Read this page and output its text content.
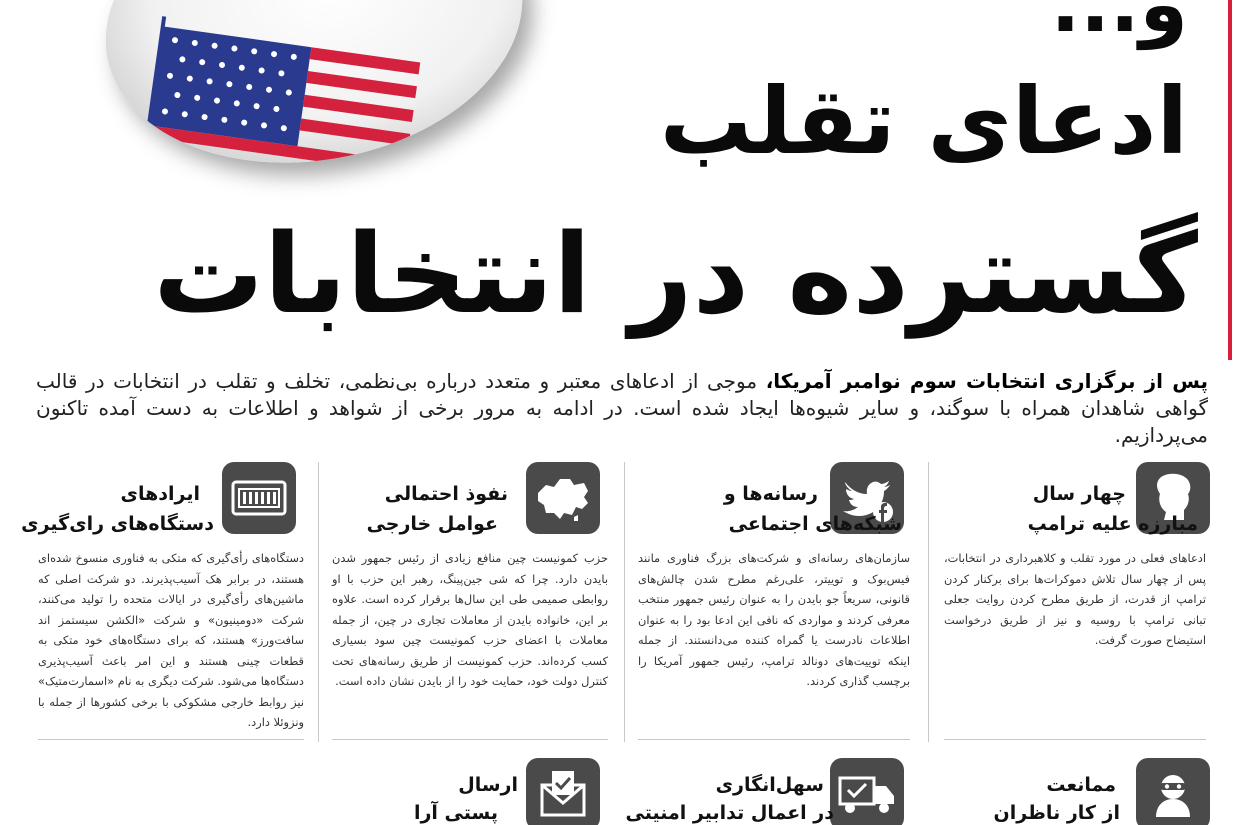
و...
ادعای تقلب
گسترده در انتخابات

پس از برگزاری انتخابات سوم نوامبر آمریکا، موجی از ادعاهای معتبر و متعدد درباره بی‌نظمی، تخلف و تقلب در انتخابات در قالب گواهی شاهدان همراه با سوگند، و سایر شیوه‌ها ایجاد شده است. در ادامه به مرور برخی از شواهد و اطلاعات به دست آمده تاکنون می‌پردازیم.

چهار سال
مبارزه علیه ترامپ
ادعاهای فعلی در مورد تقلب و کلاهبرداری در انتخابات، پس از چهار سال تلاش دموکرات‌ها برای برکنار کردن ترامپ از قدرت، از طریق مطرح کردن روایت جعلی تبانی ترامپ با روسیه و نیز از طریق درخواست استیضاح صورت گرفت.
رسانه‌ها و
شبکه‌های اجتماعی
سازمان‌های رسانه‌ای و شرکت‌های بزرگ فناوری مانند فیس‌بوک و توییتر، علی‌رغم مطرح شدن چالش‌های قانونی، سریعاً جو بایدن را به عنوان رئیس جمهور منتخب معرفی کردند و مواردی که نافی این ادعا بود را به عنوان اطلاعات نادرست یا گمراه کننده می‌دانستند. از جمله اینکه توییت‌های دونالد ترامپ، رئیس جمهور آمریکا را برچسب گذاری کردند.
نفوذ احتمالی
عوامل خارجی
حزب کمونیست چین منافع زیادی از رئیس جمهور شدن بایدن دارد. چرا که شی جین‌پینگ، رهبر این حزب با او روابطی صمیمی طی این سال‌ها برقرار کرده است. علاوه بر این، خانواده بایدن از معاملات تجاری در چین، از جمله معاملات با اعضای حزب کمونیست چین سود بسیاری کسب کرده‌اند. حزب کمونیست از طریق رسانه‌های تحت کنترل دولت خود، حمایت خود را از بایدن نشان داده است.
ایرادهای
دستگاه‌های رای‌گیری
دستگاه‌های رأی‌گیری که متکی به فناوری منسوخ شده‌ای هستند، در برابر هک آسیب‌پذیرند. دو شرکت اصلی که ماشین‌های رأی‌گیری در ایالات متحده را تولید می‌کنند، شرکت «دومینیون» و شرکت «الکشن سیستمز اند سافت‌ورز» هستند، که برای دستگاه‌های خود متکی به قطعات چینی هستند و این امر باعث آسیب‌پذیری دستگاه‌ها می‌شود. شرکت دیگری به نام «اسمارت‌متیک» نیز روابط خارجی مشکوکی با برخی کشورها از جمله با ونزوئلا دارد.
ممانعت
از کار ناظران
سهل‌انگاری
در اعمال تدابیر امنیتی
ارسال
پستی آرا
